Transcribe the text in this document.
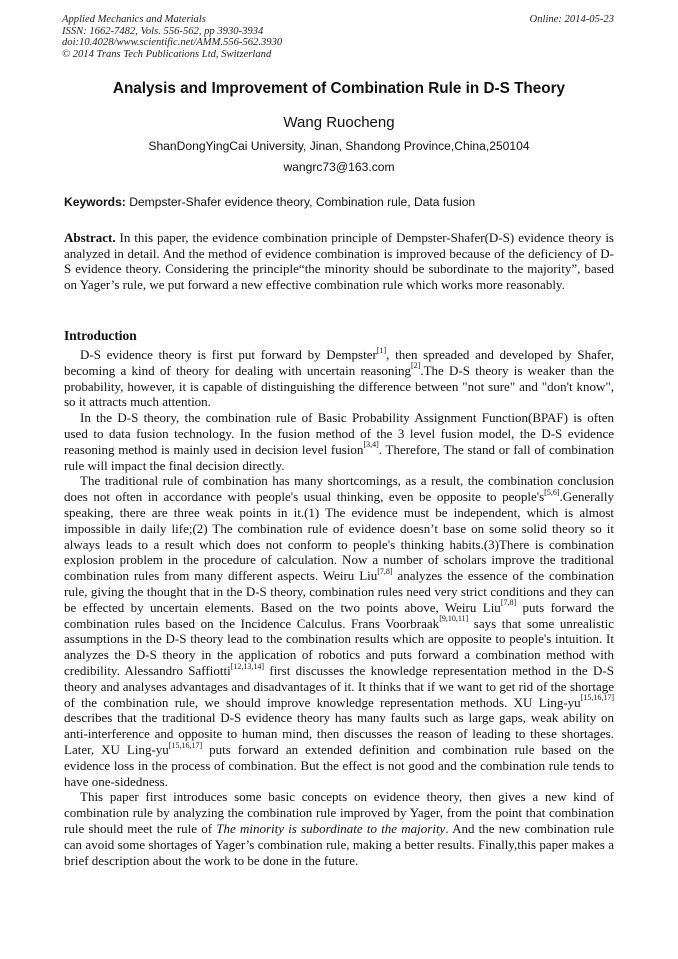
Applied Mechanics and Materials
ISSN: 1662-7482, Vols. 556-562, pp 3930-3934
doi:10.4028/www.scientific.net/AMM.556-562.3930
© 2014 Trans Tech Publications Ltd, Switzerland
Online: 2014-05-23
Analysis and Improvement of Combination Rule in D-S Theory
Wang Ruocheng
ShanDongYingCai University, Jinan, Shandong Province,China,250104
wangrc73@163.com
Keywords: Dempster-Shafer evidence theory, Combination rule, Data fusion
Abstract. In this paper, the evidence combination principle of Dempster-Shafer(D-S) evidence theory is analyzed in detail. And the method of evidence combination is improved because of the deficiency of D-S evidence theory. Considering the principle“the minority should be subordinate to the majority”, based on Yager’s rule, we put forward a new effective combination rule which works more reasonably.
Introduction

D-S evidence theory is first put forward by Dempster[1], then spreaded and developed by Shafer, becoming a kind of theory for dealing with uncertain reasoning[2].The D-S theory is weaker than the probability, however, it is capable of distinguishing the difference between "not sure" and "don't know", so it attracts much attention.

In the D-S theory, the combination rule of Basic Probability Assignment Function(BPAF) is often used to data fusion technology. In the fusion method of the 3 level fusion model, the D-S evidence reasoning method is mainly used in decision level fusion[3,4]. Therefore, The stand or fall of combination rule will impact the final decision directly.

The traditional rule of combination has many shortcomings, as a result, the combination conclusion does not often in accordance with people's usual thinking, even be opposite to people's[5,6].Generally speaking, there are three weak points in it.(1) The evidence must be independent, which is almost impossible in daily life;(2) The combination rule of evidence doesn’t base on some solid theory so it always leads to a result which does not conform to people's thinking habits.(3)There is combination explosion problem in the procedure of calculation. Now a number of scholars improve the traditional combination rules from many different aspects. Weiru Liu[7,8] analyzes the essence of the combination rule, giving the thought that in the D-S theory, combination rules need very strict conditions and they can be effected by uncertain elements. Based on the two points above, Weiru Liu[7,8] puts forward the combination rules based on the Incidence Calculus. Frans Voorbraak[9,10,11] says that some unrealistic assumptions in the D-S theory lead to the combination results which are opposite to people's intuition. It analyzes the D-S theory in the application of robotics and puts forward a combination method with credibility. Alessandro Saffiotti[12,13,14] first discusses the knowledge representation method in the D-S theory and analyses advantages and disadvantages of it. It thinks that if we want to get rid of the shortage of the combination rule, we should improve knowledge representation methods. XU Ling-yu[15,16,17] describes that the traditional D-S evidence theory has many faults such as large gaps, weak ability on anti-interference and opposite to human mind, then discusses the reason of leading to these shortages. Later, XU Ling-yu[15,16,17] puts forward an extended definition and combination rule based on the evidence loss in the process of combination. But the effect is not good and the combination rule tends to have one-sidedness.

This paper first introduces some basic concepts on evidence theory, then gives a new kind of combination rule by analyzing the combination rule improved by Yager, from the point that combination rule should meet the rule of The minority is subordinate to the majority. And the new combination rule can avoid some shortages of Yager’s combination rule, making a better results. Finally,this paper makes a brief description about the work to be done in the future.
